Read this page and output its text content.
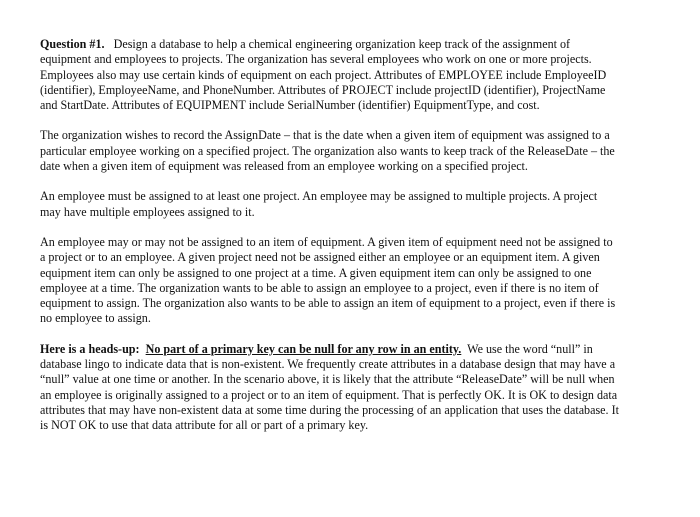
Question #1. Design a database to help a chemical engineering organization keep track of the assignment of equipment and employees to projects. The organization has several employees who work on one or more projects. Employees also may use certain kinds of equipment on each project. Attributes of EMPLOYEE include EmployeeID (identifier), EmployeeName, and PhoneNumber. Attributes of PROJECT include projectID (identifier), ProjectName and StartDate. Attributes of EQUIPMENT include SerialNumber (identifier) EquipmentType, and cost.

The organization wishes to record the AssignDate – that is the date when a given item of equipment was assigned to a particular employee working on a specified project. The organization also wants to keep track of the ReleaseDate – the date when a given item of equipment was released from an employee working on a specified project.

An employee must be assigned to at least one project. An employee may be assigned to multiple projects. A project may have multiple employees assigned to it.

An employee may or may not be assigned to an item of equipment. A given item of equipment need not be assigned to a project or to an employee. A given project need not be assigned either an employee or an equipment item. A given equipment item can only be assigned to one project at a time. A given equipment item can only be assigned to one employee at a time. The organization wants to be able to assign an employee to a project, even if there is no item of equipment to assign. The organization also wants to be able to assign an item of equipment to a project, even if there is no employee to assign.

Here is a heads-up: No part of a primary key can be null for any row in an entity. We use the word “null” in database lingo to indicate data that is non-existent. We frequently create attributes in a database design that may have a “null” value at one time or another. In the scenario above, it is likely that the attribute “ReleaseDate” will be null when an employee is originally assigned to a project or to an item of equipment. That is perfectly OK. It is OK to design data attributes that may have non-existent data at some time during the processing of an application that uses the database. It is NOT OK to use that data attribute for all or part of a primary key.
